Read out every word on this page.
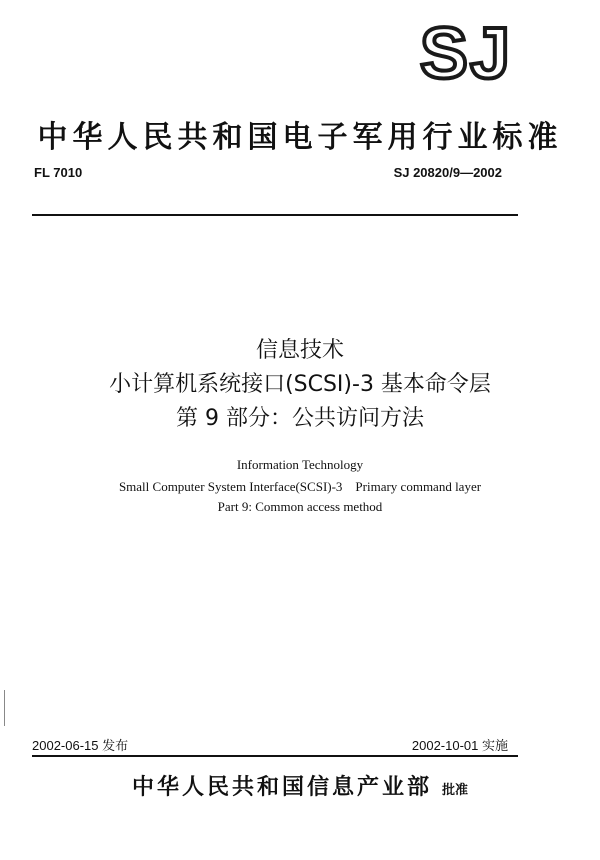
SJ
中华人民共和国电子军用行业标准
FL 7010	SJ 20820/9—2002
信息技术
小计算机系统接口(SCSI)-3 基本命令层
第 9 部分：公共访问方法
Information Technology
Small Computer System Interface(SCSI)-3    Primary command layer
Part 9: Common access method
2002-06-15 发布	2002-10-01 实施
中华人民共和国信息产业部 批准
